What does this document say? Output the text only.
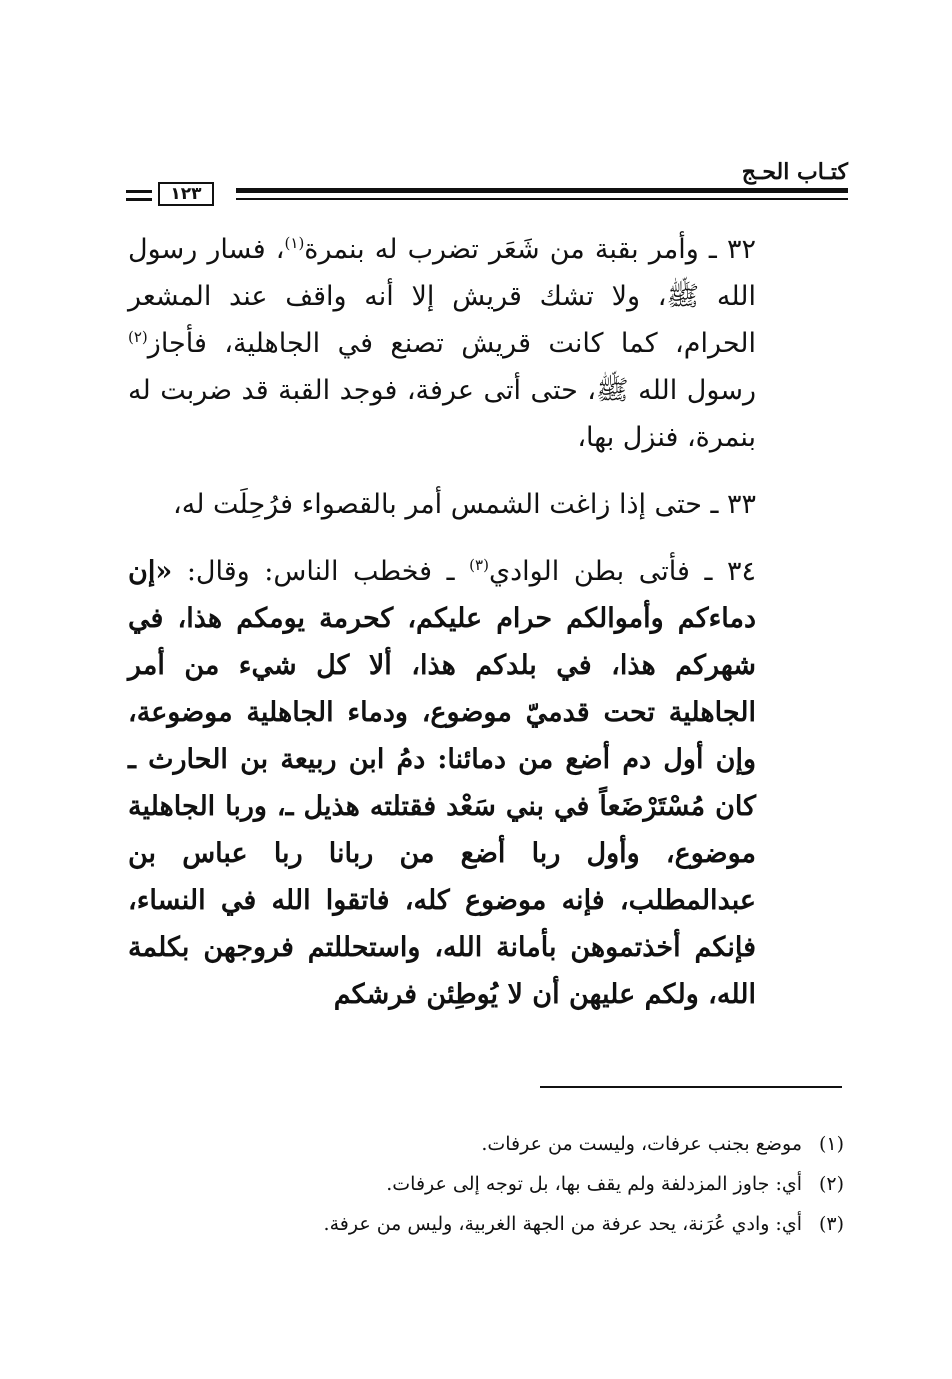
كتـاب الحـج
١٢٣

٣٢ ـ وأمر بقبة من شَعَر تضرب له بنمرة$^{(١)}$، فسار رسول الله ﷺ، ولا تشك قريش إلا أنه واقف عند المشعر الحرام، كما كانت قريش تصنع في الجاهلية، فأجاز$^{(٢)}$ رسول الله ﷺ، حتى أتى عرفة، فوجد القبة قد ضربت له بنمرة، فنزل بها،

٣٣ ـ حتى إذا زاغت الشمس أمر بالقصواء فرُحِلَت له،

٣٤ ـ فأتى بطن الوادي$^{(٣)}$ ـ فخطب الناس: وقال: «إن دماءكم وأموالكم حرام عليكم، كحرمة يومكم هذا، في شهركم هذا، في بلدكم هذا، ألا كل شيء من أمر الجاهلية تحت قدميّ موضوع، ودماء الجاهلية موضوعة، وإن أول دم أضع من دمائنا: دمُ ابن ربيعة بن الحارث ـ كان مُسْتَرْضَعاً في بني سَعْد فقتلته هذيل ـ، وربا الجاهلية موضوع، وأول ربا أضع من ربانا ربا عباس بن عبدالمطلب، فإنه موضوع كله، فاتقوا الله في النساء، فإنكم أخذتموهن بأمانة الله، واستحللتم فروجهن بكلمة الله، ولكم عليهن أن لا يُوطِئن فرشكم

(١)موضع بجنب عرفات، وليست من عرفات.
(٢)أي: جاوز المزدلفة ولم يقف بها، بل توجه إلى عرفات.
(٣)أي: وادي عُرَنة، يحد عرفة من الجهة الغربية، وليس من عرفة.
